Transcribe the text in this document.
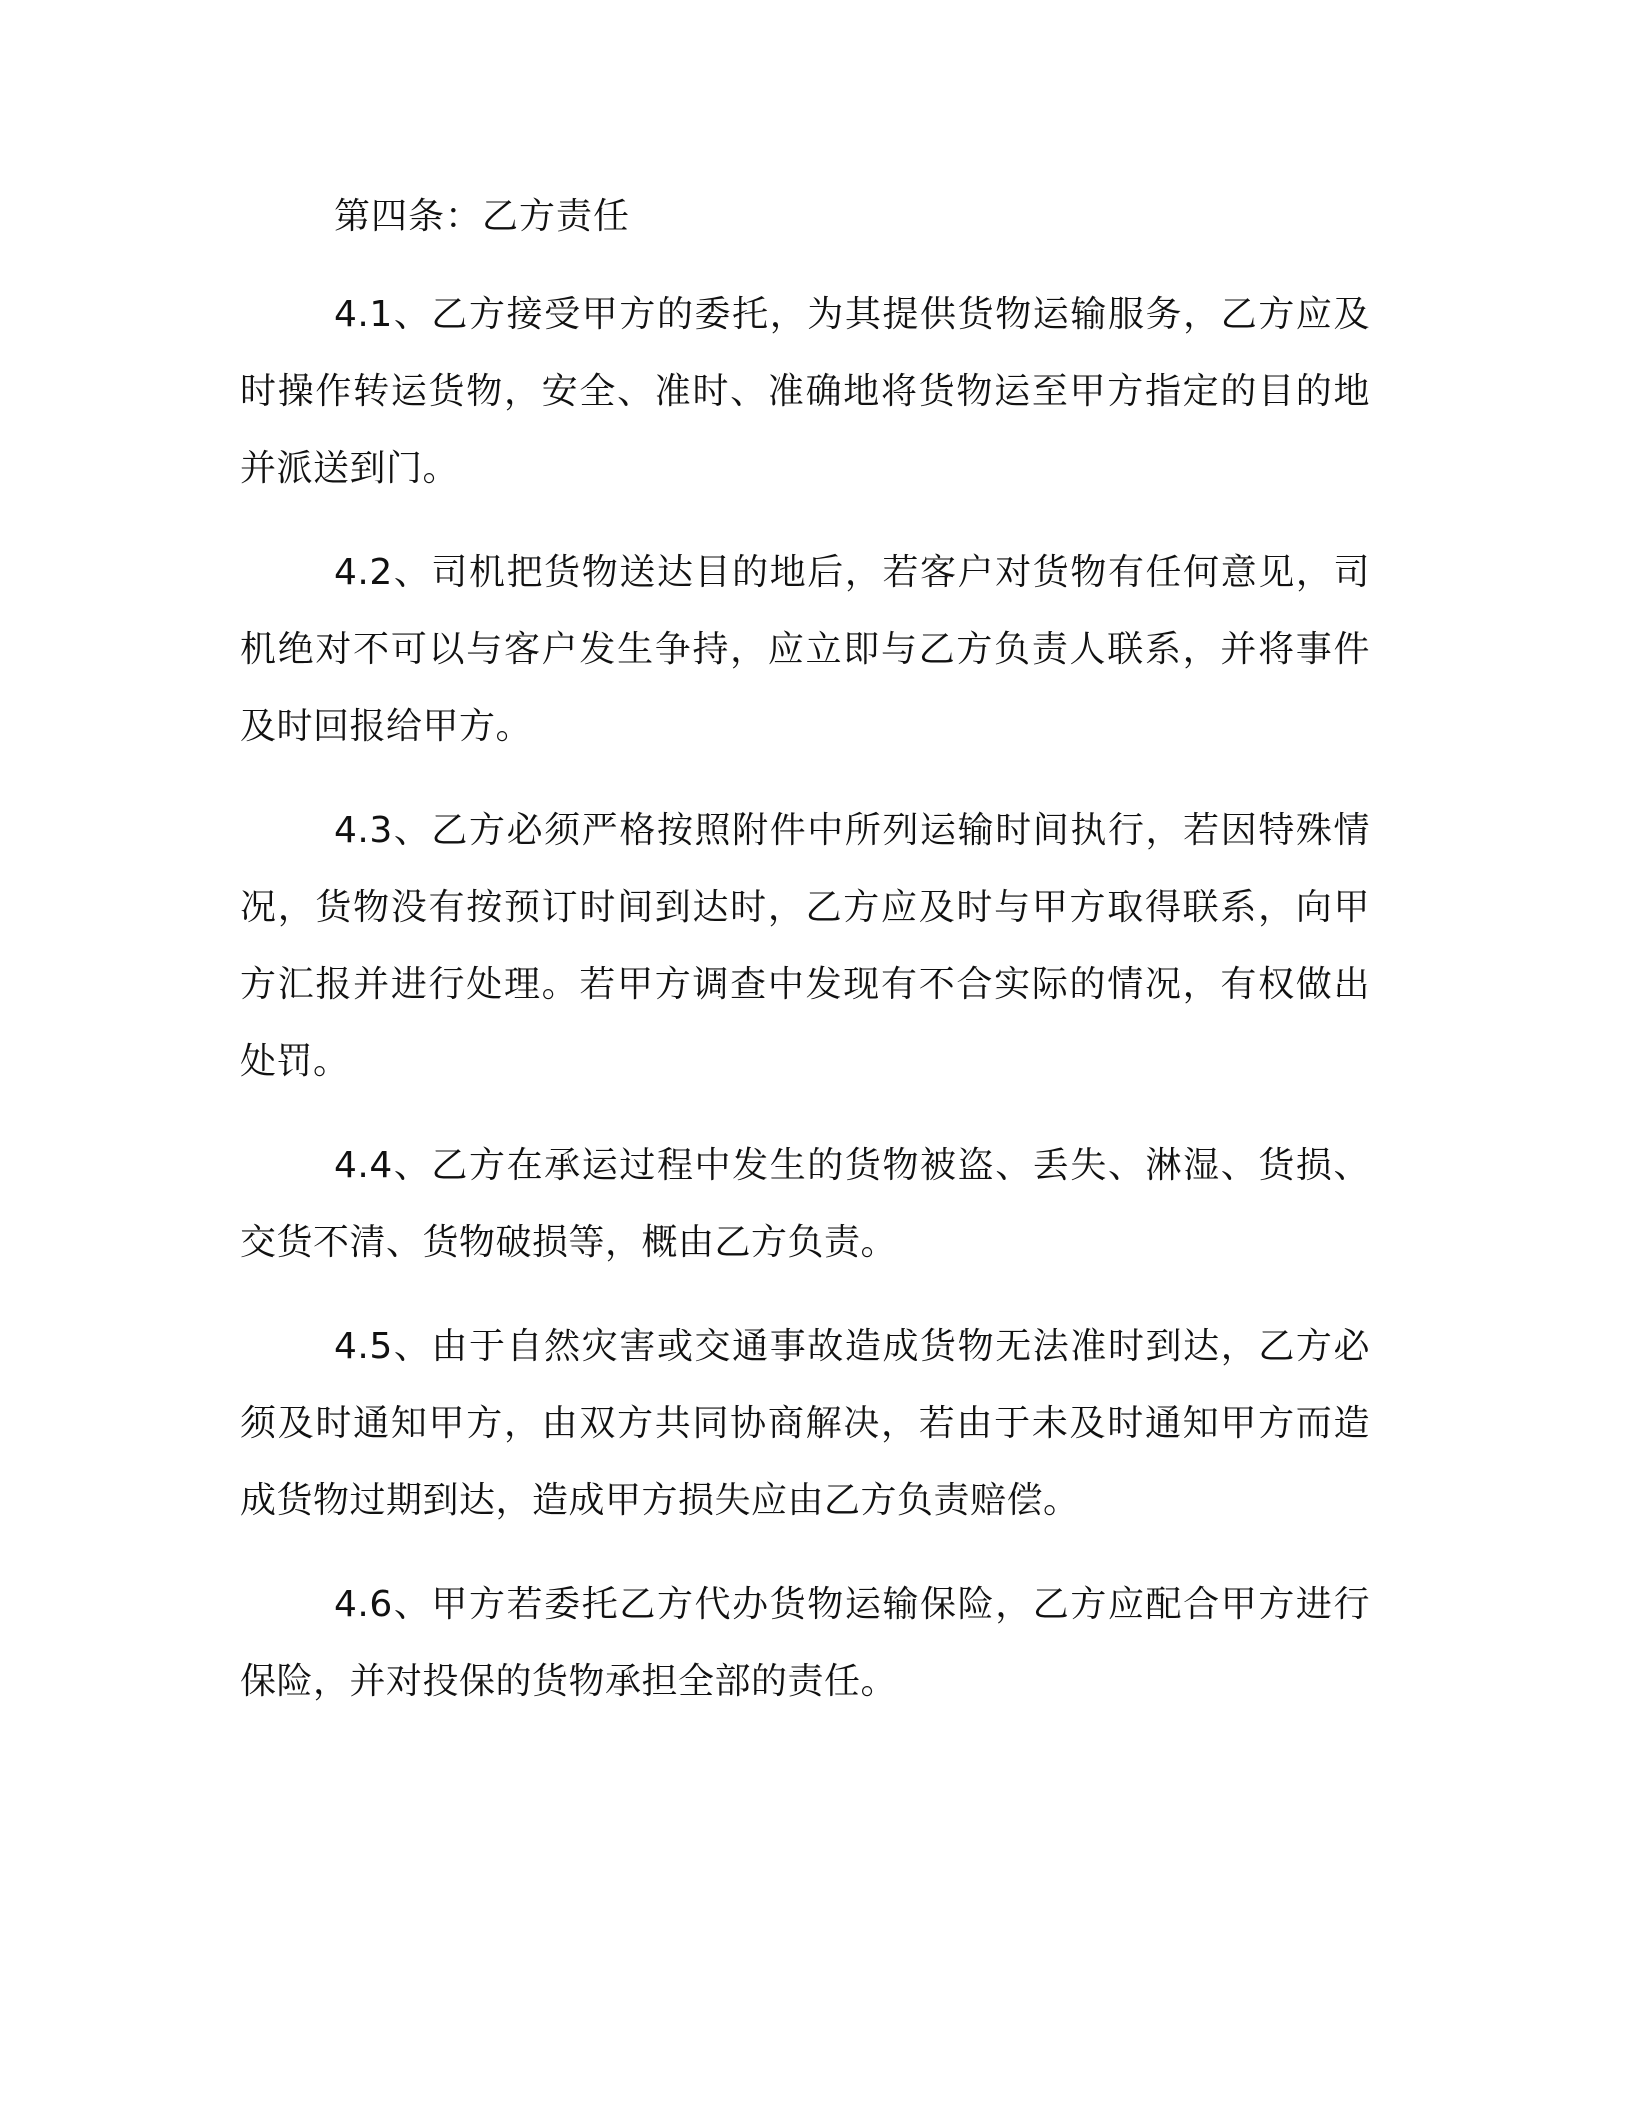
第四条：乙方责任

4.1、乙方接受甲方的委托，为其提供货物运输服务，乙方应及时操作转运货物，安全、准时、准确地将货物运至甲方指定的目的地并派送到门。

4.2、司机把货物送达目的地后，若客户对货物有任何意见，司机绝对不可以与客户发生争持，应立即与乙方负责人联系，并将事件及时回报给甲方。

4.3、乙方必须严格按照附件中所列运输时间执行，若因特殊情况，货物没有按预订时间到达时，乙方应及时与甲方取得联系，向甲方汇报并进行处理。若甲方调查中发现有不合实际的情况，有权做出处罚。

4.4、乙方在承运过程中发生的货物被盗、丢失、淋湿、货损、交货不清、货物破损等，概由乙方负责。

4.5、由于自然灾害或交通事故造成货物无法准时到达，乙方必须及时通知甲方，由双方共同协商解决，若由于未及时通知甲方而造成货物过期到达，造成甲方损失应由乙方负责赔偿。

4.6、甲方若委托乙方代办货物运输保险，乙方应配合甲方进行保险，并对投保的货物承担全部的责任。
